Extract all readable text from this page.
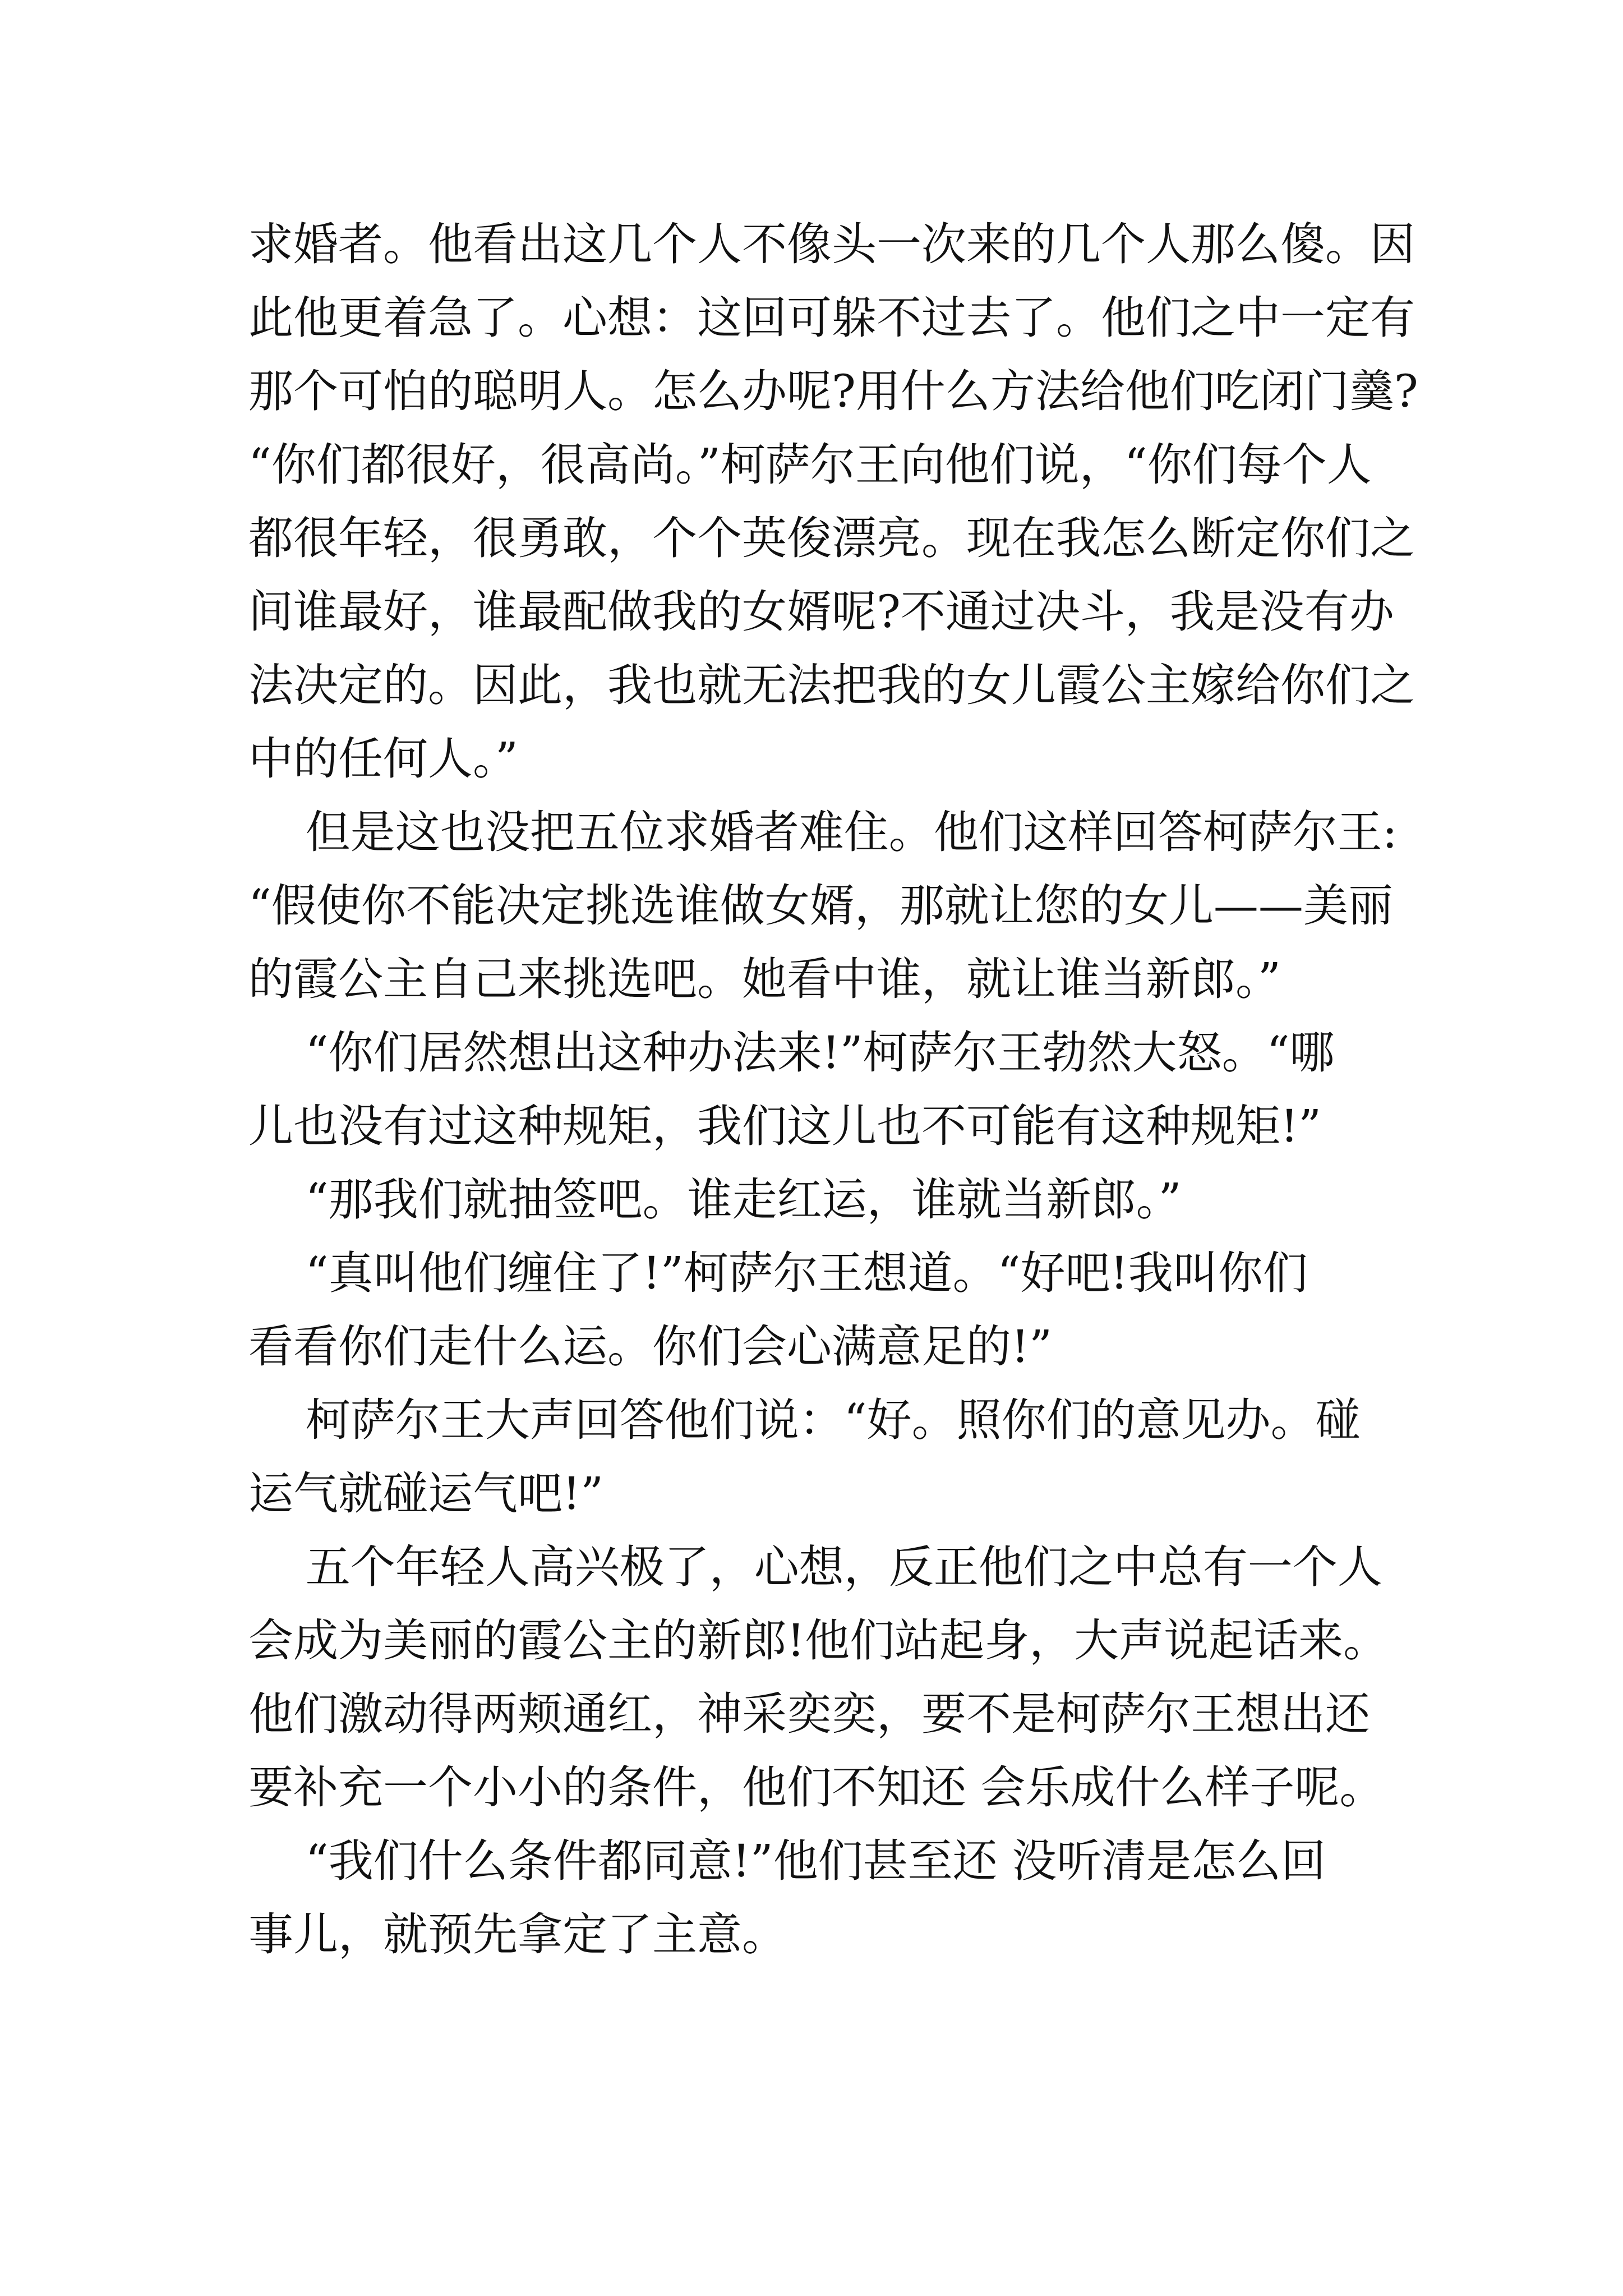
求婚者。他看出这几个人不像头一次来的几个人那么傻。因
此他更着急了。心想：这回可躲不过去了。他们之中一定有
那个可怕的聪明人。怎么办呢?用什么方法给他们吃闭门羹?
“你们都很好，很高尚。”柯萨尔王向他们说，“你们每个人
都很年轻，很勇敢，个个英俊漂亮。现在我怎么断定你们之
间谁最好，谁最配做我的女婿呢?不通过决斗，我是没有办
法决定的。因此，我也就无法把我的女儿霞公主嫁给你们之
中的任何人。”
但是这也没把五位求婚者难住。他们这样回答柯萨尔王:
“假使你不能决定挑选谁做女婿，那就让您的女儿——美丽
的霞公主自己来挑选吧。她看中谁，就让谁当新郎。”
“你们居然想出这种办法来!”柯萨尔王勃然大怒。“哪
儿也没有过这种规矩，我们这儿也不可能有这种规矩!”
“那我们就抽签吧。谁走红运，谁就当新郎。”
“真叫他们缠住了!”柯萨尔王想道。“好吧!我叫你们
看看你们走什么运。你们会心满意足的!”
柯萨尔王大声回答他们说：“好。照你们的意见办。碰
运气就碰运气吧!”
五个年轻人高兴极了，心想，反正他们之中总有一个人
会成为美丽的霞公主的新郎!他们站起身，大声说起话来。
他们激动得两颊通红，神采奕奕，要不是柯萨尔王想出还
要补充一个小小的条件，他们不知还 会乐成什么样子呢。
“我们什么条件都同意!”他们甚至还 没听清是怎么回
事儿，就预先拿定了主意。
